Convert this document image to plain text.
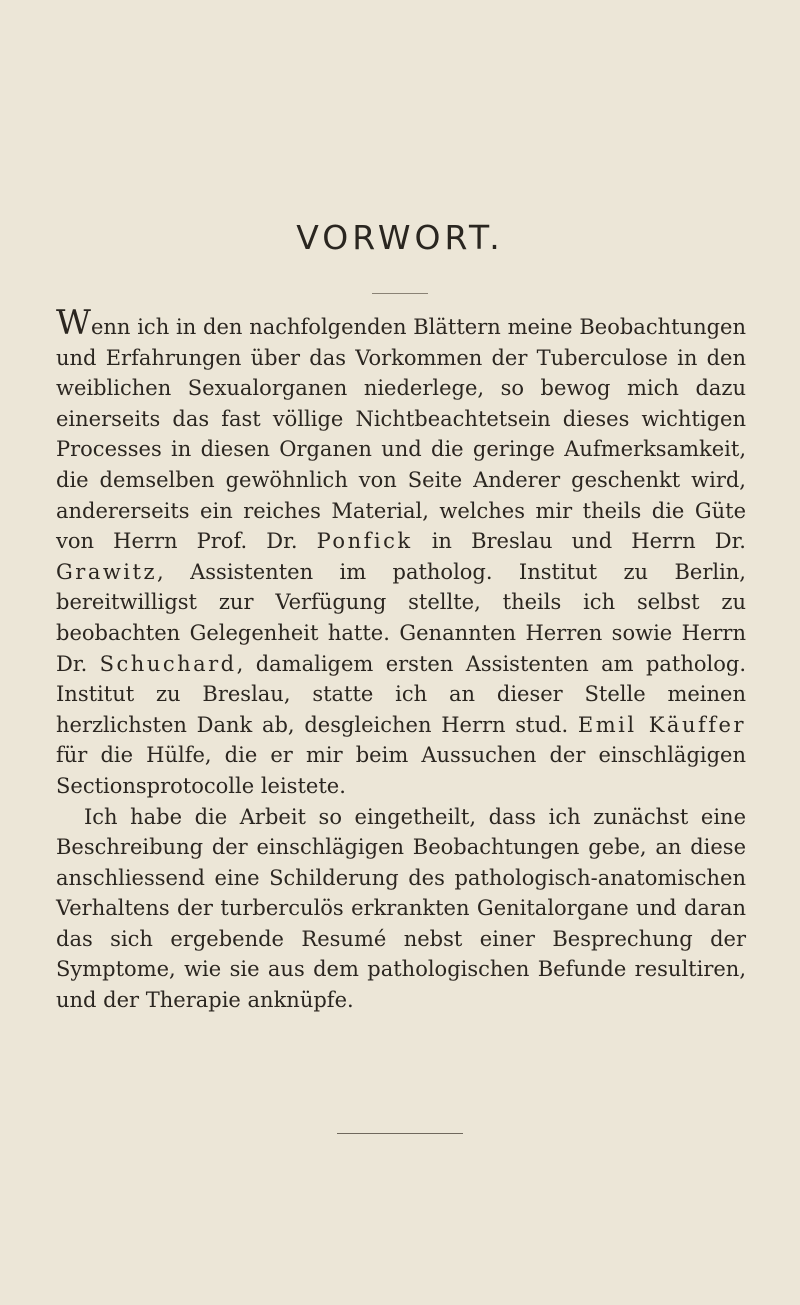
VORWORT.

Wenn ich in den nachfolgenden Blättern meine Beobachtungen und Erfahrungen über das Vorkommen der Tuberculose in den weiblichen Sexualorganen niederlege, so bewog mich dazu einerseits das fast völlige Nichtbeachtetsein dieses wichtigen Processes in diesen Organen und die geringe Aufmerksamkeit, die demselben gewöhnlich von Seite Anderer geschenkt wird, andererseits ein reiches Material, welches mir theils die Güte von Herrn Prof. Dr. Ponfick in Breslau und Herrn Dr. Grawitz, Assistenten im patholog. Institut zu Berlin, bereitwilligst zur Verfügung stellte, theils ich selbst zu beobachten Gelegenheit hatte. Genannten Herren sowie Herrn Dr. Schuchard, damaligem ersten Assistenten am patholog. Institut zu Breslau, statte ich an dieser Stelle meinen herzlichsten Dank ab, desgleichen Herrn stud. Emil Käuffer für die Hülfe, die er mir beim Aussuchen der einschlägigen Sectionsprotocolle leistete.

Ich habe die Arbeit so eingetheilt, dass ich zunächst eine Beschreibung der einschlägigen Beobachtungen gebe, an diese anschliessend eine Schilderung des pathologisch-anatomischen Verhaltens der turberculös erkrankten Genitalorgane und daran das sich ergebende Resumé nebst einer Besprechung der Symptome, wie sie aus dem pathologischen Befunde resultiren, und der Therapie anknüpfe.
